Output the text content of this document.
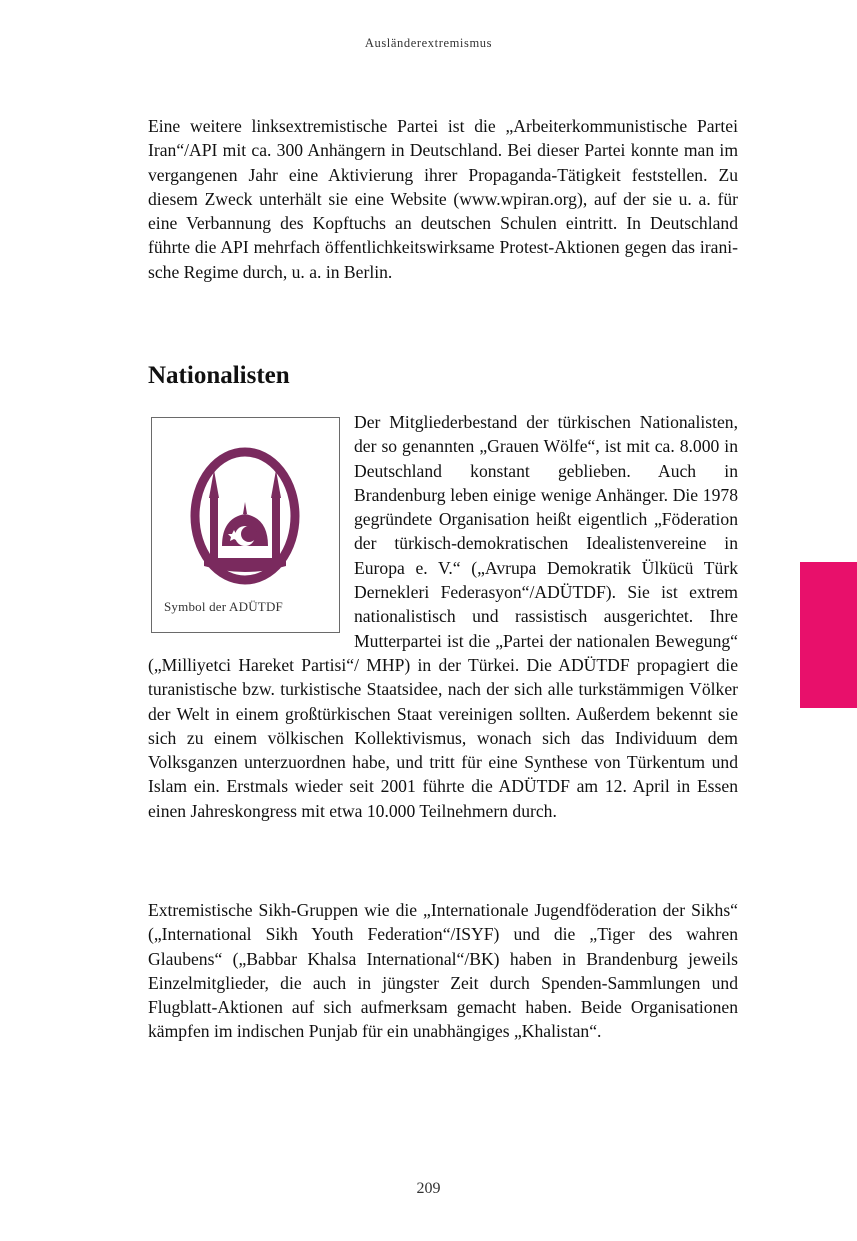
Ausländerextremismus

Eine weitere linksextremistische Partei ist die „Arbeiterkommunistische Partei Iran“/API mit ca. 300 Anhängern in Deutschland. Bei dieser Partei konnte man im vergangenen Jahr eine Aktivierung ihrer Propaganda-Tätigkeit feststellen. Zu diesem Zweck unterhält sie eine Website (www.wpiran.org), auf der sie u. a. für eine Verbannung des Kopftuchs an deutschen Schulen eintritt. In Deutschland führte die API mehrfach öffentlichkeitswirksame Protest-Aktionen gegen das iranische Regime durch, u. a. in Berlin.

Nationalisten

Der Mitgliederbestand der türkischen Nationalisten, der so genannten „Grauen Wölfe“, ist mit ca. 8.000 in Deutschland konstant geblieben. Auch in Brandenburg leben einige wenige Anhänger. Die 1978 gegründete Organisation heißt eigentlich „Föderation der türkisch-demokratischen Idealistenvereine in Europa e. V.“ („Avrupa Demokratik Ülkücü Türk Dernekleri Federasyon“/ADÜTDF). Sie ist extrem nationalistisch und rassistisch ausgerichtet. Ihre Mutterpartei ist die „Partei der nationalen Bewegung“ („Milliyetci Hareket Partisi“/ MHP) in der Türkei. Die ADÜTDF propagiert die turanistische bzw. turkistische Staatsidee, nach der sich alle turkstämmigen Völker der Welt in einem großtürkischen Staat vereinigen sollten. Außerdem bekennt sie sich zu einem völkischen Kollektivismus, wonach sich das Individuum dem Volksganzen unterzuordnen habe, und tritt für eine Synthese von Türkentum und Islam ein. Erstmals wieder seit 2001 führte die ADÜTDF am 12. April in Essen einen Jahreskongress mit etwa 10.000 Teilnehmern durch.

Symbol der ADÜTDF

Extremistische Sikh-Gruppen wie die „Internationale Jugendföderation der Sikhs“ („International Sikh Youth Federation“/ISYF) und die „Tiger des wahren Glaubens“ („Babbar Khalsa International“/BK) haben in Brandenburg jeweils Einzelmitglieder, die auch in jüngster Zeit durch Spenden-Sammlungen und Flugblatt-Aktionen auf sich aufmerksam gemacht haben. Beide Organisationen kämpfen im indischen Punjab für ein unabhängiges „Khalistan“.

209
